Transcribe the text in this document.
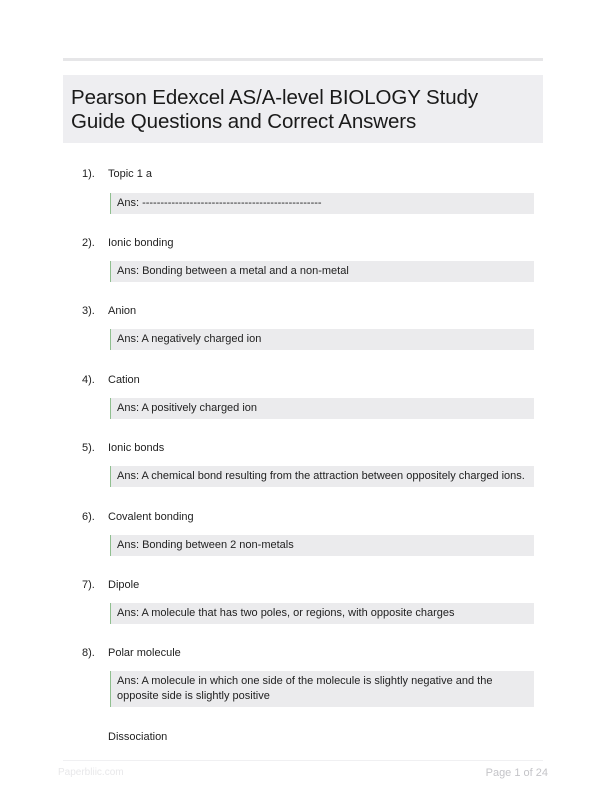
Pearson Edexcel AS/A-level BIOLOGY Study Guide Questions and Correct Answers
1). Topic 1 a
Ans: -------------------------------------------------
2). Ionic bonding
Ans: Bonding between a metal and a non-metal
3). Anion
Ans: A negatively charged ion
4). Cation
Ans: A positively charged ion
5). Ionic bonds
Ans: A chemical bond resulting from the attraction between oppositely charged ions.
6). Covalent bonding
Ans: Bonding between 2 non-metals
7). Dipole
Ans: A molecule that has two poles, or regions, with opposite charges
8). Polar molecule
Ans: A molecule in which one side of the molecule is slightly negative and the opposite side is slightly positive
Dissociation
Paperbliic.com	Page 1 of 24
